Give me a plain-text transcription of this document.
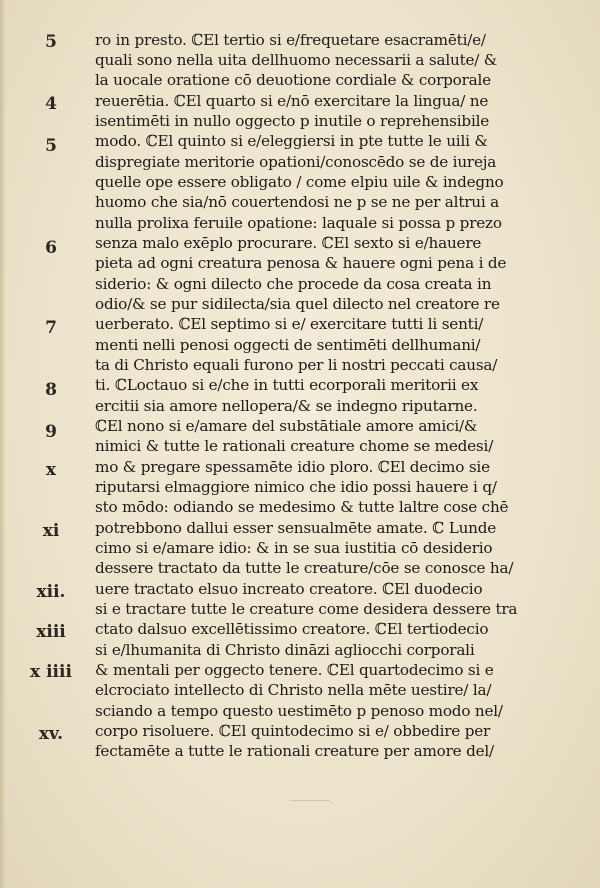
5
4
5
6
7
8
9
x
xi
xii.
xiii
x iiii
xv.
ro in presto. ℂEl tertio si e/frequetare esacramēti/e/
quali sono nella uita dellhuomo necessarii a salute/ &
la uocale oratione cō deuotione cordiale & corporale
reuerētia. ℂEl quarto si e/nō exercitare la lingua/ ne
isentimēti in nullo oggecto p inutile o reprehensibile
modo. ℂEl quinto si e/eleggiersi in pte tutte le uili &
dispregiate meritorie opationi/conoscēdo se de iureja
quelle ope essere obligato / come elpiu uile & indegno
huomo che sia/nō couertendosi ne p se ne per altrui a
nulla prolixa feruile opatione: laquale si possa p prezo
senza malo exēplo procurare. ℂEl sexto si e/hauere
pieta ad ogni creatura penosa & hauere ogni pena i de
siderio: & ogni dilecto che procede da cosa creata in
odio/& se pur sidilecta/sia quel dilecto nel creatore re
uerberato. ℂEl septimo si e/ exercitare tutti li senti/
menti nelli penosi oggecti de sentimēti dellhumani/
ta di Christo equali furono per li nostri peccati causa/
ti. ℂLoctauo si e/che in tutti ecorporali meritorii ex
ercitii sia amore nellopera/& se indegno riputarne.
ℂEl nono si e/amare del substātiale amore amici/&
nimici & tutte le rationali creature chome se medesi/
mo & pregare spessamēte idio ploro. ℂEl decimo sie
riputarsi elmaggiore nimico che idio possi hauere i q/
sto mōdo: odiando se medesimo & tutte laltre cose chē
potrebbono dallui esser sensualmēte amate. ℂ Lunde
cimo si e/amare idio: & in se sua iustitia cō desiderio
dessere tractato da tutte le creature/cōe se conosce ha/
uere tractato elsuo increato creatore. ℂEl duodecio
si e tractare tutte le creature come desidera dessere tra
ctato dalsuo excellētissimo creatore. ℂEl tertiodecio
si e/lhumanita di Christo dināzi agliocchi corporali
& mentali per oggecto tenere. ℂEl quartodecimo si e
elcrociato intellecto di Christo nella mēte uestire/ la/
sciando a tempo questo uestimēto p penoso modo nel/
corpo risoluere. ℂEl quintodecimo si e/ obbedire per
fectamēte a tutte le rationali creature per amore del/
